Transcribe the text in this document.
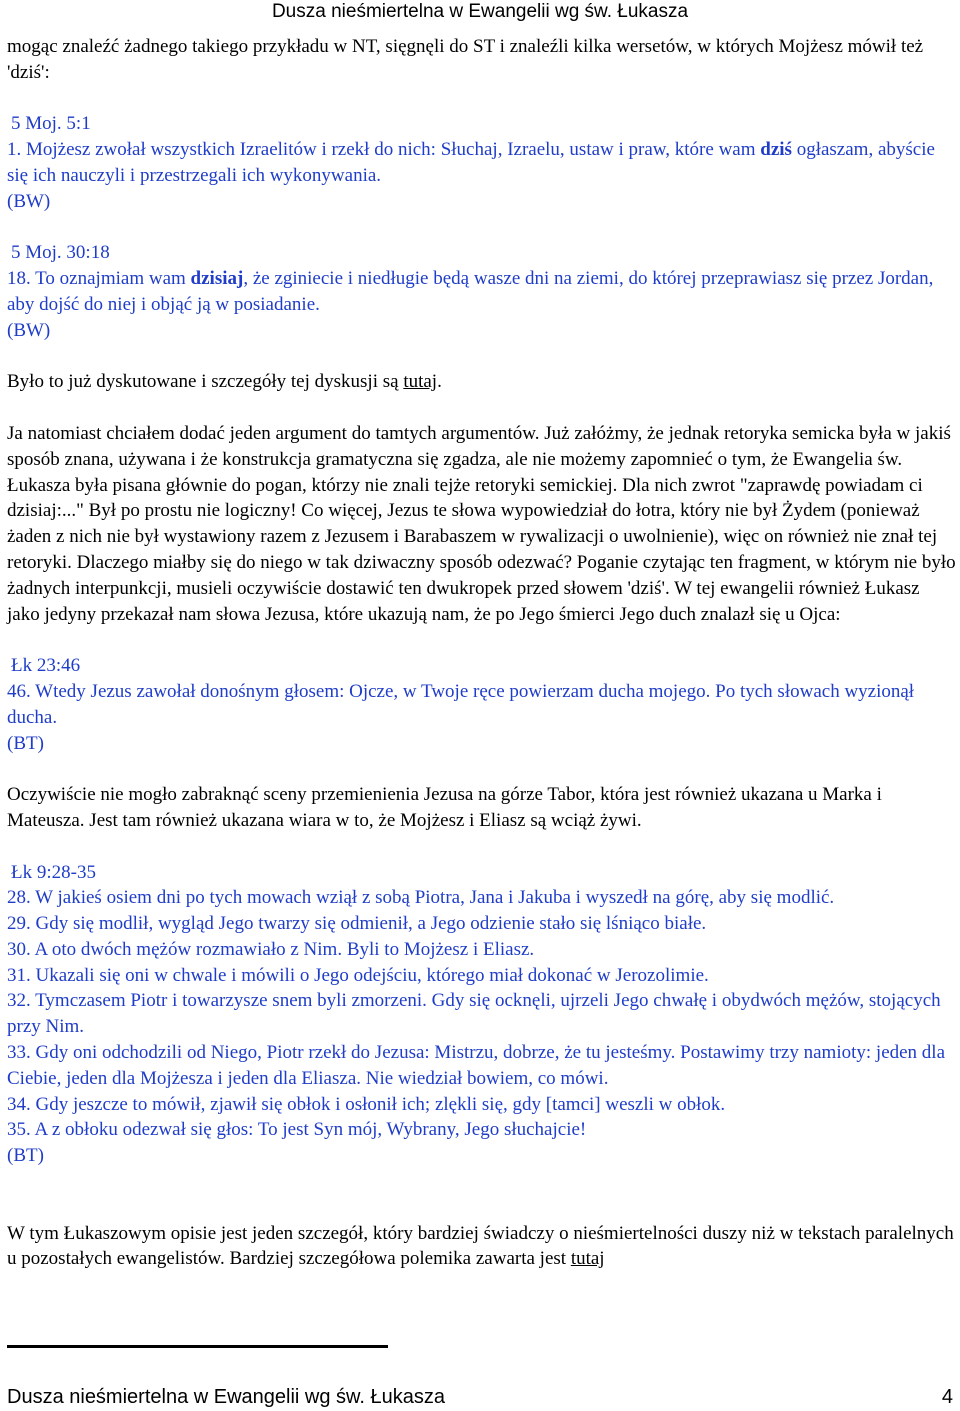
Dusza nieśmiertelna w Ewangelii wg św. Łukasza

mogąc znaleźć żadnego takiego przykładu w NT, sięgnęli do ST i znaleźli kilka wersetów, w których Mojżesz mówił też 'dziś':

5 Moj. 5:1

1. Mojżesz zwołał wszystkich Izraelitów i rzekł do nich: Słuchaj, Izraelu, ustaw i praw, które wam dziś ogłaszam, abyście się ich nauczyli i przestrzegali ich wykonywania.

(BW)

5 Moj. 30:18

18. To oznajmiam wam dzisiaj, że zginiecie i niedługie będą wasze dni na ziemi, do której przeprawiasz się przez Jordan, aby dojść do niej i objąć ją w posiadanie.

(BW)

Było to już dyskutowane i szczegóły tej dyskusji są tutaj.

Ja natomiast chciałem dodać jeden argument do tamtych argumentów. Już załóżmy, że jednak retoryka semicka była w jakiś sposób znana, używana i że konstrukcja gramatyczna się zgadza, ale nie możemy zapomnieć o tym, że Ewangelia św. Łukasza była pisana głównie do pogan, którzy nie znali tejże retoryki semickiej. Dla nich zwrot "zaprawdę powiadam ci dzisiaj:..." Był po prostu nie logiczny! Co więcej, Jezus te słowa wypowiedział do łotra, który nie był Żydem (ponieważ żaden z nich nie był wystawiony razem z Jezusem i Barabaszem w rywalizacji o uwolnienie), więc on również nie znał tej retoryki. Dlaczego miałby się do niego w tak dziwaczny sposób odezwać? Poganie czytając ten fragment, w którym nie było żadnych interpunkcji, musieli oczywiście dostawić ten dwukropek przed słowem 'dziś'. W tej ewangelii również Łukasz jako jedyny przekazał nam słowa Jezusa, które ukazują nam, że po Jego śmierci Jego duch znalazł się u Ojca:

Łk 23:46

46. Wtedy Jezus zawołał donośnym głosem: Ojcze, w Twoje ręce powierzam ducha mojego. Po tych słowach wyzionął ducha.

(BT)

Oczywiście nie mogło zabraknąć sceny przemienienia Jezusa na górze Tabor, która jest również ukazana u Marka i Mateusza. Jest tam również ukazana wiara w to, że Mojżesz i Eliasz są wciąż żywi.

Łk 9:28-35

28. W jakieś osiem dni po tych mowach wziął z sobą Piotra, Jana i Jakuba i wyszedł na górę, aby się modlić.

29. Gdy się modlił, wygląd Jego twarzy się odmienił, a Jego odzienie stało się lśniąco białe.

30. A oto dwóch mężów rozmawiało z Nim. Byli to Mojżesz i Eliasz.

31. Ukazali się oni w chwale i mówili o Jego odejściu, którego miał dokonać w Jerozolimie.

32. Tymczasem Piotr i towarzysze snem byli zmorzeni. Gdy się ocknęli, ujrzeli Jego chwałę i obydwóch mężów, stojących przy Nim.

33. Gdy oni odchodzili od Niego, Piotr rzekł do Jezusa: Mistrzu, dobrze, że tu jesteśmy. Postawimy trzy namioty: jeden dla Ciebie, jeden dla Mojżesza i jeden dla Eliasza. Nie wiedział bowiem, co mówi.

34. Gdy jeszcze to mówił, zjawił się obłok i osłonił ich; zlękli się, gdy [tamci] weszli w obłok.

35. A z obłoku odezwał się głos: To jest Syn mój, Wybrany, Jego słuchajcie!

(BT)

W tym Łukaszowym opisie jest jeden szczegół, który bardziej świadczy o nieśmiertelności duszy niż w tekstach paralelnych u pozostałych ewangelistów. Bardziej szczegółowa polemika zawarta jest tutaj

Dusza nieśmiertelna w Ewangelii wg św. Łukasza	4
